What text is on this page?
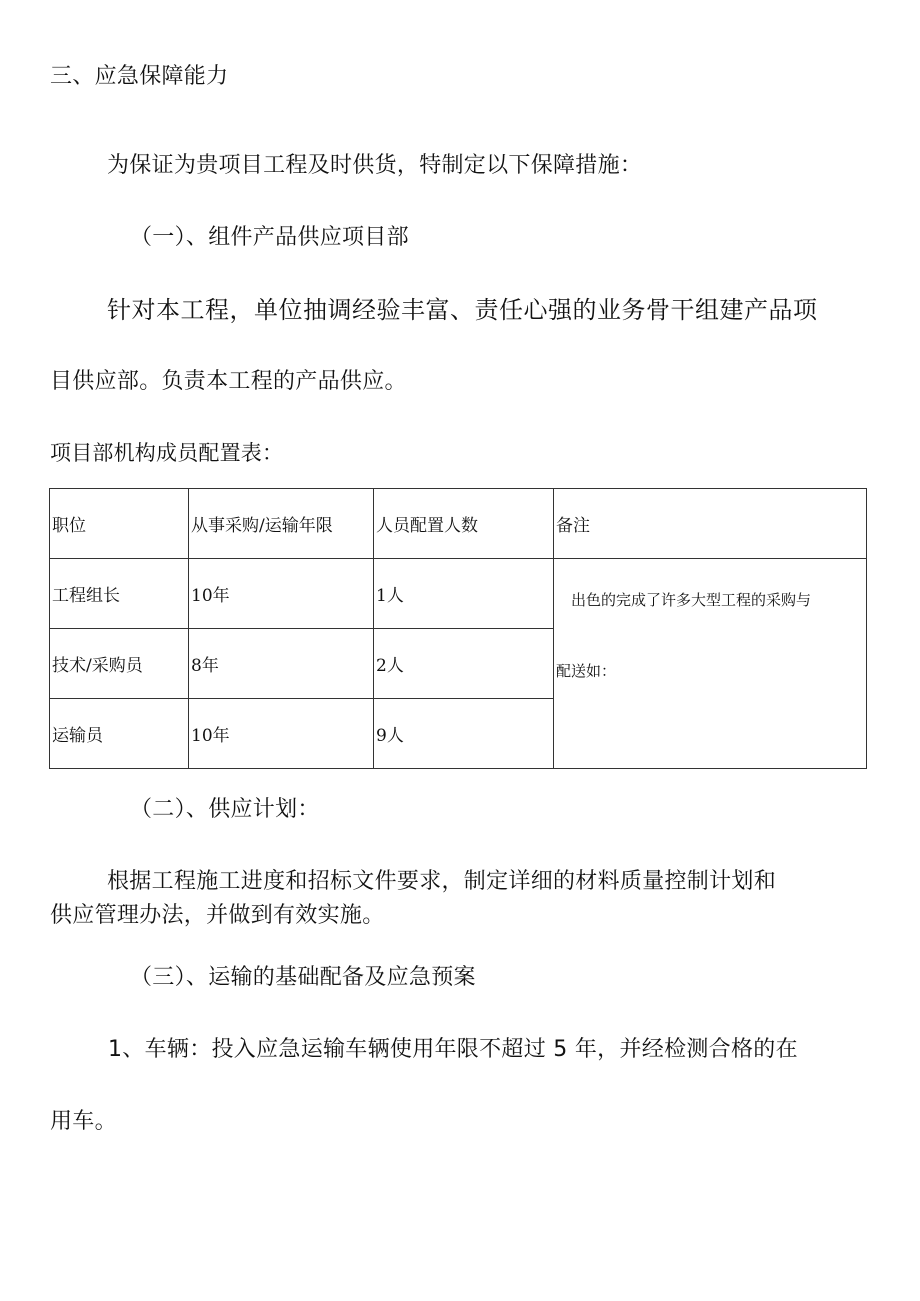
三、应急保障能力
为保证为贵项目工程及时供货，特制定以下保障措施：
（一）、组件产品供应项目部
针对本工程，单位抽调经验丰富、责任心强的业务骨干组建产品项
目供应部。负责本工程的产品供应。
项目部机构成员配置表：
职位	从事采购/运输年限	人员配置人数	备注
工程组长	10年	1人	出色的完成了许多大型工程的采购与
配送如：

技术/采购员	8年	2人	
运输员	10年	9人	
（二）、供应计划：
根据工程施工进度和招标文件要求，制定详细的材料质量控制计划和
供应管理办法，并做到有效实施。
（三）、运输的基础配备及应急预案
1、车辆：投入应急运输车辆使用年限不超过 5 年，并经检测合格的在
用车。
